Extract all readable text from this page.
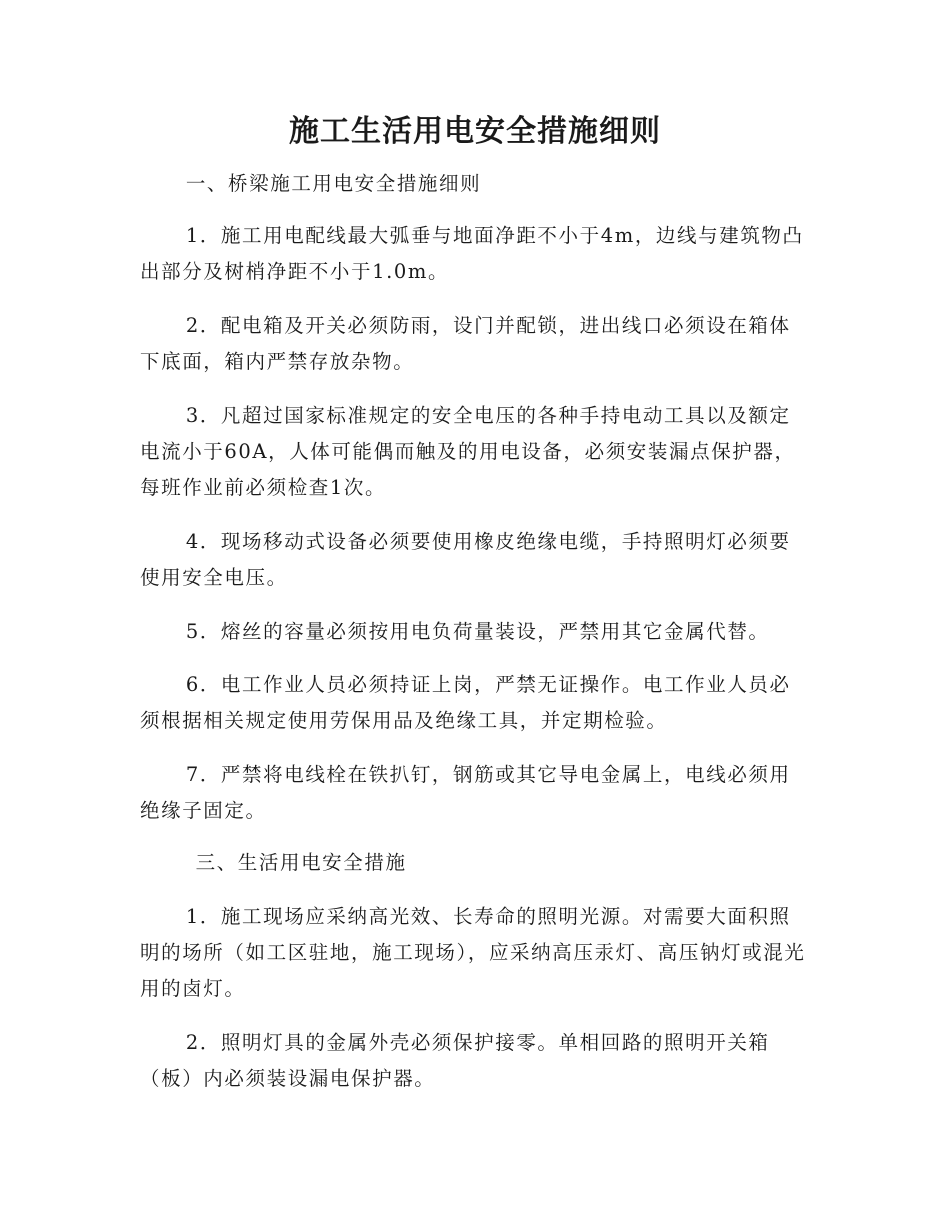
施工生活用电安全措施细则

一、桥梁施工用电安全措施细则

1．施工用电配线最大弧垂与地面净距不小于4m，边线与建筑物凸出部分及树梢净距不小于1.0m。

2．配电箱及开关必须防雨，设门并配锁，进出线口必须设在箱体下底面，箱内严禁存放杂物。

3．凡超过国家标准规定的安全电压的各种手持电动工具以及额定电流小于60A，人体可能偶而触及的用电设备，必须安装漏点保护器，每班作业前必须检查1次。

4．现场移动式设备必须要使用橡皮绝缘电缆，手持照明灯必须要使用安全电压。

5．熔丝的容量必须按用电负荷量装设，严禁用其它金属代替。

6．电工作业人员必须持证上岗，严禁无证操作。电工作业人员必须根据相关规定使用劳保用品及绝缘工具，并定期检验。

7．严禁将电线栓在铁扒钉，钢筋或其它导电金属上，电线必须用绝缘子固定。

三、生活用电安全措施

1．施工现场应采纳高光效、长寿命的照明光源。对需要大面积照明的场所（如工区驻地，施工现场），应采纳高压汞灯、高压钠灯或混光用的卤灯。

2．照明灯具的金属外壳必须保护接零。单相回路的照明开关箱（板）内必须装设漏电保护器。
